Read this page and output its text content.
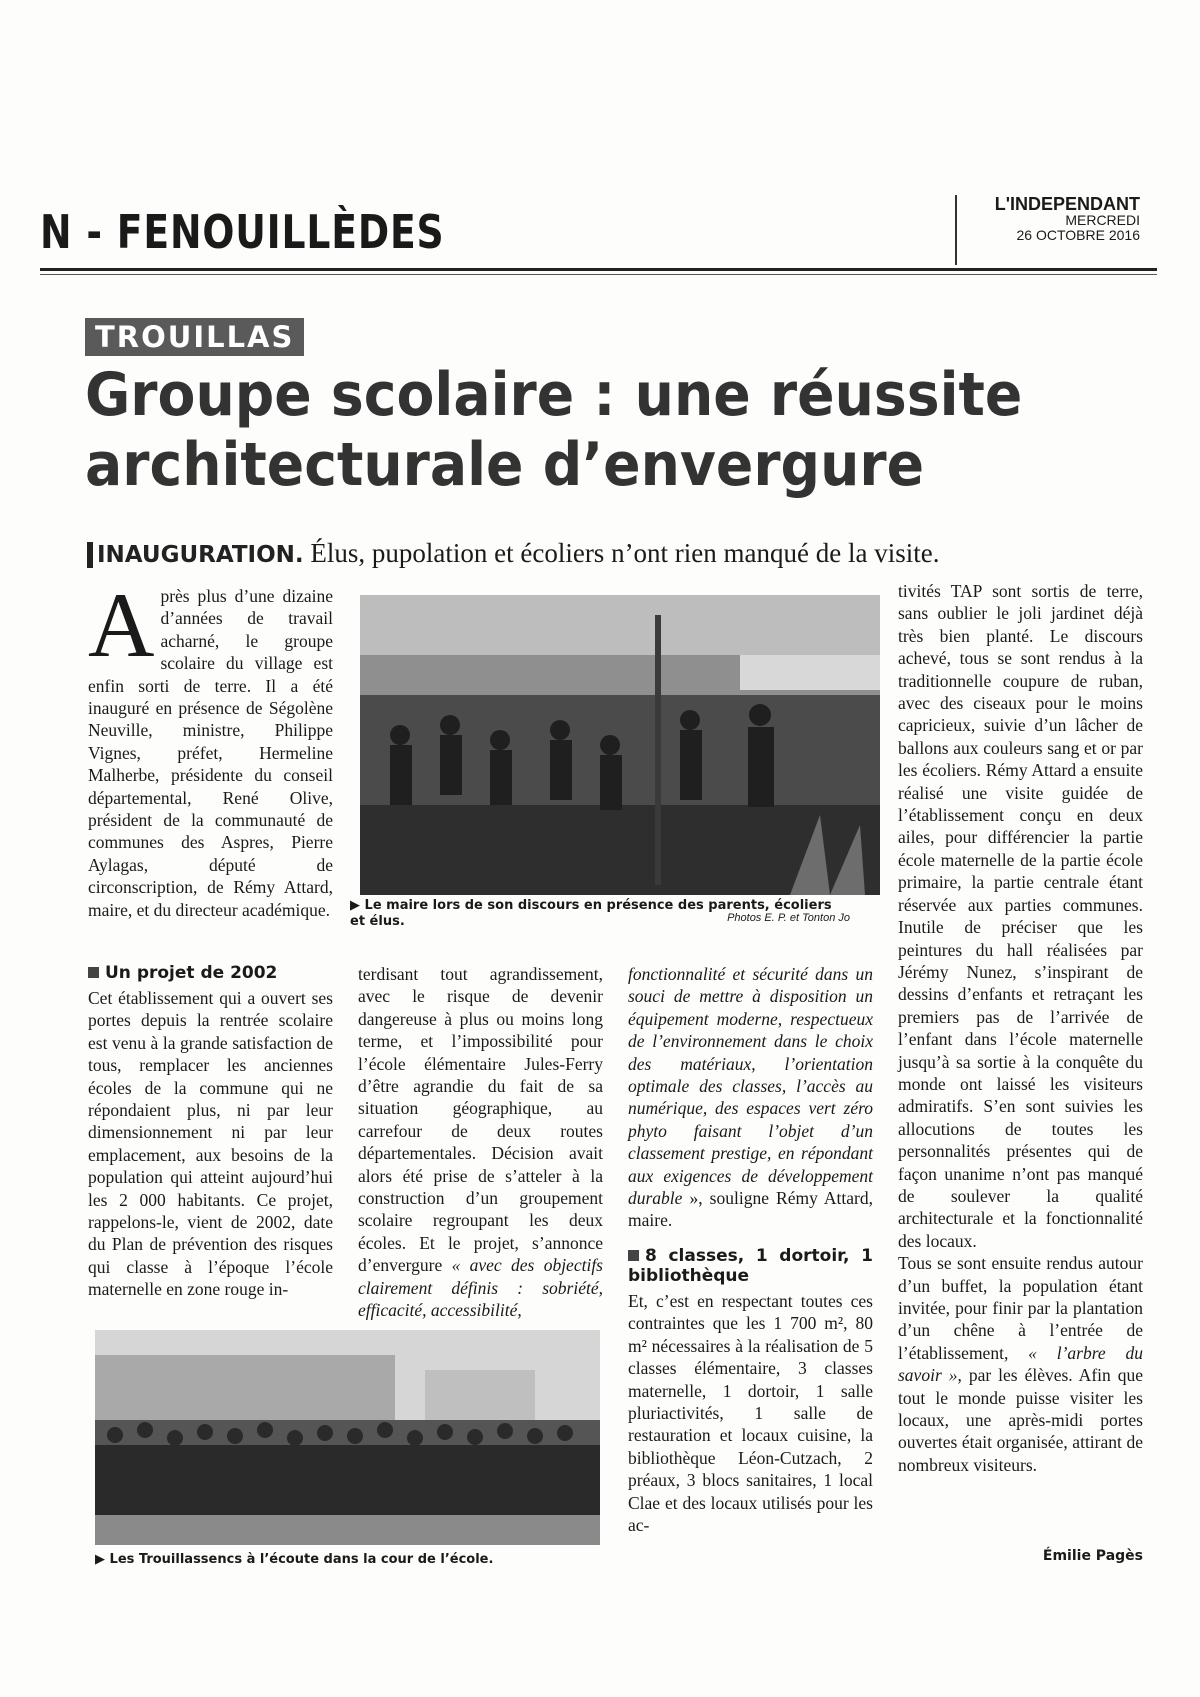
N - FENOUILLÈDES
L'INDEPENDANT
MERCREDI
26 OCTOBRE 2016
TROUILLAS
Groupe scolaire : une réussite architecturale d’envergure
INAUGURATION. Élus, pupolation et écoliers n’ont rien manqué de la visite.
Après plus d’une dizaine d’années de travail acharné, le groupe scolaire du village est enfin sorti de terre. Il a été inauguré en présence de Ségolène Neuville, ministre, Philippe Vignes, préfet, Hermeline Malherbe, présidente du conseil départemental, René Olive, président de la communauté de communes des Aspres, Pierre Aylagas, député de circonscription, de Rémy Attard, maire, et du directeur académique. ▶ Le maire lors de son discours en présence des parents, écoliers et élus.	Photos E. P. et Tonton Jo
Un projet de 2002

Cet établissement qui a ouvert ses portes depuis la rentrée scolaire est venu à la grande satisfaction de tous, remplacer les anciennes écoles de la commune qui ne répondaient plus, ni par leur dimensionnement ni par leur emplacement, aux besoins de la population qui atteint aujourd’hui les 2 000 habitants. Ce projet, rappelons-le, vient de 2002, date du Plan de prévention des risques qui classe à l’époque l’école maternelle en zone rouge in-

terdisant tout agrandissement, avec le risque de devenir dangereuse à plus ou moins long terme, et l’impossibilité pour l’école élémentaire Jules-Ferry d’être agrandie du fait de sa situation géographique, au carrefour de deux routes départementales. Décision avait alors été prise de s’atteler à la construction d’un groupement scolaire regroupant les deux écoles. Et le projet, s’annonce d’envergure « avec des objectifs clairement définis : sobriété, efficacité, accessibilité,

fonctionnalité et sécurité dans un souci de mettre à disposition un équipement moderne, respectueux de l’environnement dans le choix des matériaux, l’orientation optimale des classes, l’accès au numérique, des espaces vert zéro phyto faisant l’objet d’un classement prestige, en répondant aux exigences de développement durable », souligne Rémy Attard, maire.

8 classes, 1 dortoir, 1 bibliothèque

Et, c’est en respectant toutes ces contraintes que les 1 700 m², 80 m² nécessaires à la réalisation de 5 classes élémentaire, 3 classes maternelle, 1 dortoir, 1 salle pluriactivités, 1 salle de restauration et locaux cuisine, la bibliothèque Léon-Cutzach, 2 préaux, 3 blocs sanitaires, 1 local Clae et des locaux utilisés pour les ac-

tivités TAP sont sortis de terre, sans oublier le joli jardinet déjà très bien planté. Le discours achevé, tous se sont rendus à la traditionnelle coupure de ruban, avec des ciseaux pour le moins capricieux, suivie d’un lâcher de ballons aux couleurs sang et or par les écoliers. Rémy Attard a ensuite réalisé une visite guidée de l’établissement conçu en deux ailes, pour différencier la partie école maternelle de la partie école primaire, la partie centrale étant réservée aux parties communes. Inutile de préciser que les peintures du hall réalisées par Jérémy Nunez, s’inspirant de dessins d’enfants et retraçant les premiers pas de l’arrivée de l’enfant dans l’école maternelle jusqu’à sa sortie à la conquête du monde ont laissé les visiteurs admiratifs. S’en sont suivies les allocutions de toutes les personnalités présentes qui de façon unanime n’ont pas manqué de soulever la qualité architecturale et la fonctionnalité des locaux.

Tous se sont ensuite rendus autour d’un buffet, la population étant invitée, pour finir par la plantation d’un chêne à l’entrée de l’établissement, « l’arbre du savoir », par les élèves. Afin que tout le monde puisse visiter les locaux, une après-midi portes ouvertes était organisée, attirant de nombreux visiteurs.

Émilie Pagès
▶ Les Trouillassencs à l’écoute dans la cour de l’école.
